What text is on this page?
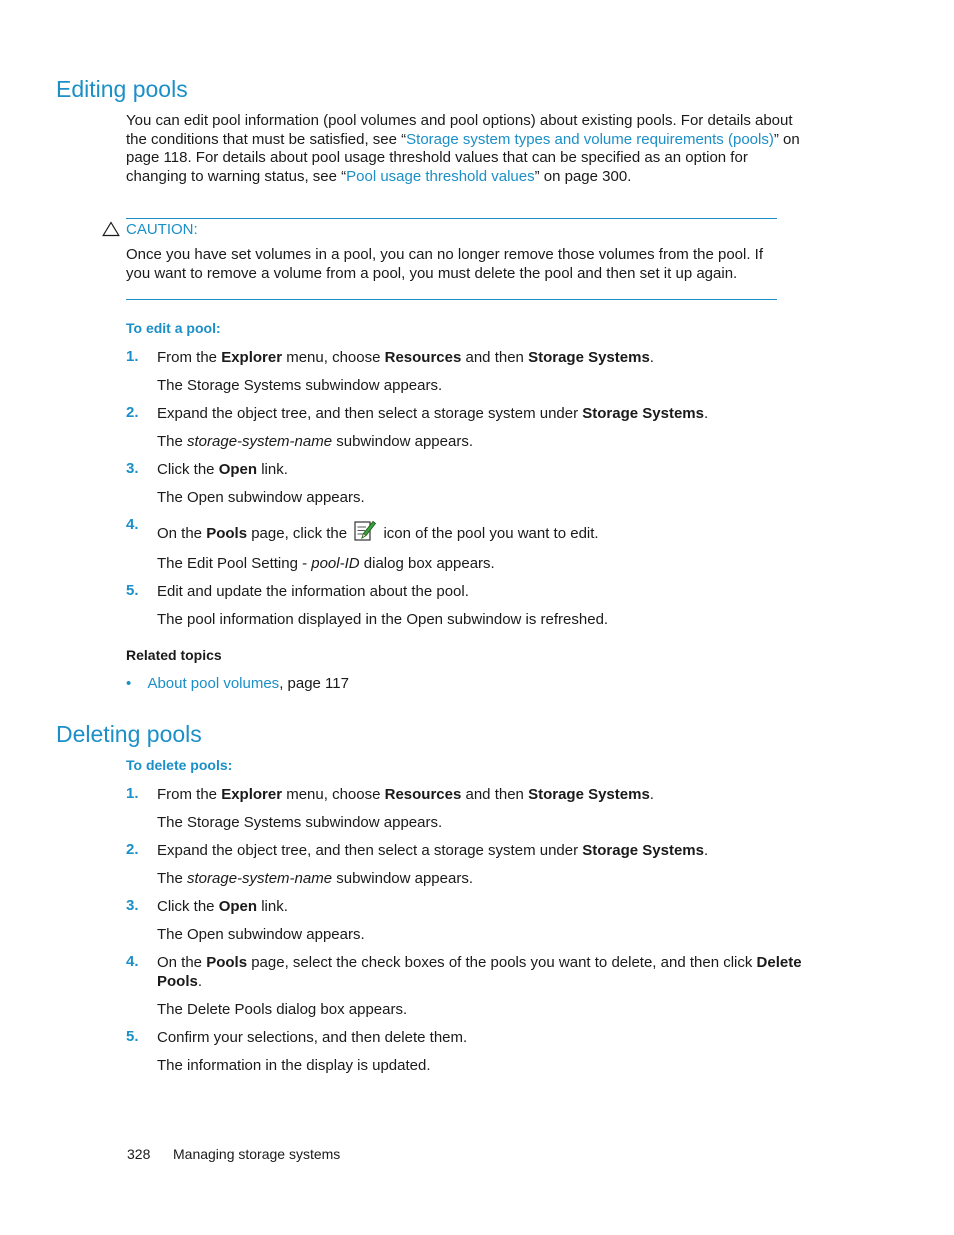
Editing pools
You can edit pool information (pool volumes and pool options) about existing pools. For details about the conditions that must be satisfied, see “Storage system types and volume requirements (pools)” on page 118. For details about pool usage threshold values that can be specified as an option for changing to warning status, see “Pool usage threshold values” on page 300.
CAUTION:
Once you have set volumes in a pool, you can no longer remove those volumes from the pool. If you want to remove a volume from a pool, you must delete the pool and then set it up again.
To edit a pool:
1. From the Explorer menu, choose Resources and then Storage Systems.
The Storage Systems subwindow appears.
2. Expand the object tree, and then select a storage system under Storage Systems.
The storage-system-name subwindow appears.
3. Click the Open link.
The Open subwindow appears.
4.
On the Pools page, click the  icon of the pool you want to edit.
The Edit Pool Setting - pool-ID dialog box appears.
5. Edit and update the information about the pool.
The pool information displayed in the Open subwindow is refreshed.
Related topics
• About pool volumes, page 117
Deleting pools
To delete pools:
1. From the Explorer menu, choose Resources and then Storage Systems.
The Storage Systems subwindow appears.
2. Expand the object tree, and then select a storage system under Storage Systems.
The storage-system-name subwindow appears.
3. Click the Open link.
The Open subwindow appears.
4. On the Pools page, select the check boxes of the pools you want to delete, and then click Delete Pools.
The Delete Pools dialog box appears.
5. Confirm your selections, and then delete them.
The information in the display is updated.
328 Managing storage systems
